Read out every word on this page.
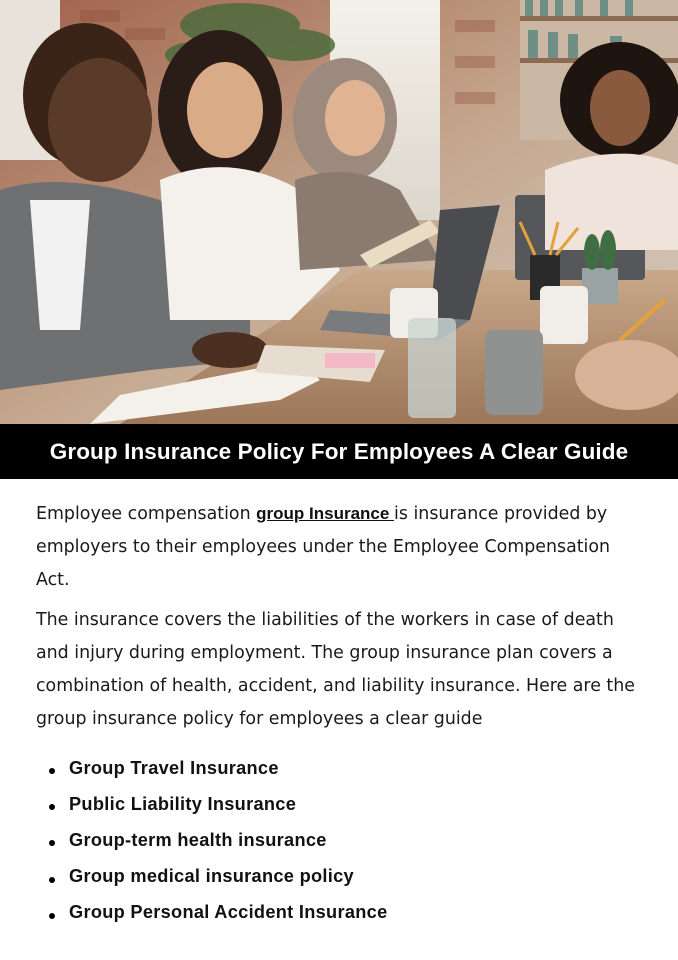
Group Insurance Policy For Employees A Clear Guide

Employee compensation group Insurance is insurance provided by employers to their employees under the Employee Compensation Act.

The insurance covers the liabilities of the workers in case of death and injury during employment. The group insurance plan covers a combination of health, accident, and liability insurance. Here are the group insurance policy for employees a clear guide

Group Travel Insurance
Public Liability Insurance
Group-term health insurance
Group medical insurance policy
Group Personal Accident Insurance
